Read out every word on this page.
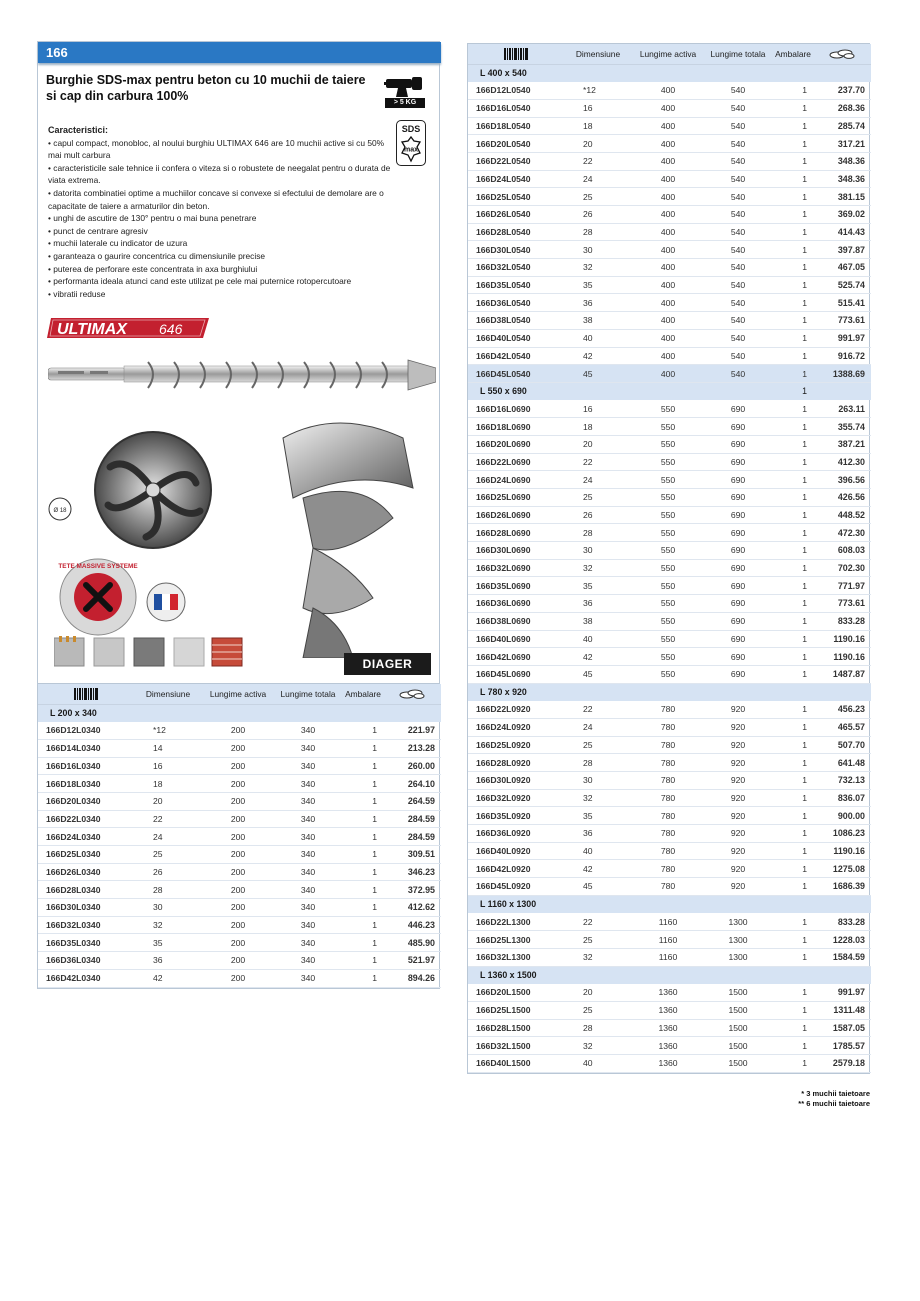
166
Burghie SDS-max pentru beton cu 10 muchii de taiere si cap din carbura 100%	> 5 KG
SDS
max
Caracteristici:
• capul compact, monobloc, al noului burghiu ULTIMAX 646 are 10 muchii active si cu 50% mai mult carbura
• caracteristicile sale tehnice ii confera o viteza si o robustete de neegalat pentru o durata de viata extrema.
• datorita combinatiei optime a muchiilor concave si convexe si efectului de demolare are o capacitate de taiere a armaturilor din beton.
• unghi de ascutire de 130° pentru o mai buna penetrare
• punct de centrare agresiv
• muchii laterale cu indicator de uzura
• garanteaza o gaurire concentrica cu dimensiunile precise
• puterea de perforare este concentrata in axa burghiului
• performanta ideala atunci cand este utilizat pe cele mai puternice rotopercutoare
• vibratii reduse
ULTIMAX 646
Ø 18
TETE MASSIVE SYSTEME
DIAGER
	Dimensiune	Lungime activa	Lungime totala	Ambalare	
L 200 x 340					
166D12L0340	*12	200	340	1	221.97
166D14L0340	14	200	340	1	213.28
166D16L0340	16	200	340	1	260.00
166D18L0340	18	200	340	1	264.10
166D20L0340	20	200	340	1	264.59
166D22L0340	22	200	340	1	284.59
166D24L0340	24	200	340	1	284.59
166D25L0340	25	200	340	1	309.51
166D26L0340	26	200	340	1	346.23
166D28L0340	28	200	340	1	372.95
166D30L0340	30	200	340	1	412.62
166D32L0340	32	200	340	1	446.23
166D35L0340	35	200	340	1	485.90
166D36L0340	36	200	340	1	521.97
166D42L0340	42	200	340	1	894.26
	Dimensiune	Lungime activa	Lungime totala	Ambalare	
L 400 x 540					
166D12L0540	*12	400	540	1	237.70
166D16L0540	16	400	540	1	268.36
166D18L0540	18	400	540	1	285.74
166D20L0540	20	400	540	1	317.21
166D22L0540	22	400	540	1	348.36
166D24L0540	24	400	540	1	348.36
166D25L0540	25	400	540	1	381.15
166D26L0540	26	400	540	1	369.02
166D28L0540	28	400	540	1	414.43
166D30L0540	30	400	540	1	397.87
166D32L0540	32	400	540	1	467.05
166D35L0540	35	400	540	1	525.74
166D36L0540	36	400	540	1	515.41
166D38L0540	38	400	540	1	773.61
166D40L0540	40	400	540	1	991.97
166D42L0540	42	400	540	1	916.72
166D45L0540	45	400	540	1	1388.69
L 550 x 690				1	
166D16L0690	16	550	690	1	263.11
166D18L0690	18	550	690	1	355.74
166D20L0690	20	550	690	1	387.21
166D22L0690	22	550	690	1	412.30
166D24L0690	24	550	690	1	396.56
166D25L0690	25	550	690	1	426.56
166D26L0690	26	550	690	1	448.52
166D28L0690	28	550	690	1	472.30
166D30L0690	30	550	690	1	608.03
166D32L0690	32	550	690	1	702.30
166D35L0690	35	550	690	1	771.97
166D36L0690	36	550	690	1	773.61
166D38L0690	38	550	690	1	833.28
166D40L0690	40	550	690	1	1190.16
166D42L0690	42	550	690	1	1190.16
166D45L0690	45	550	690	1	1487.87
L 780 x 920					
166D22L0920	22	780	920	1	456.23
166D24L0920	24	780	920	1	465.57
166D25L0920	25	780	920	1	507.70
166D28L0920	28	780	920	1	641.48
166D30L0920	30	780	920	1	732.13
166D32L0920	32	780	920	1	836.07
166D35L0920	35	780	920	1	900.00
166D36L0920	36	780	920	1	1086.23
166D40L0920	40	780	920	1	1190.16
166D42L0920	42	780	920	1	1275.08
166D45L0920	45	780	920	1	1686.39
L 1160 x 1300					
166D22L1300	22	1160	1300	1	833.28
166D25L1300	25	1160	1300	1	1228.03
166D32L1300	32	1160	1300	1	1584.59
L 1360 x 1500					
166D20L1500	20	1360	1500	1	991.97
166D25L1500	25	1360	1500	1	1311.48
166D28L1500	28	1360	1500	1	1587.05
166D32L1500	32	1360	1500	1	1785.57
166D40L1500	40	1360	1500	1	2579.18
* 3 muchii taietoare
** 6 muchii taietoare
